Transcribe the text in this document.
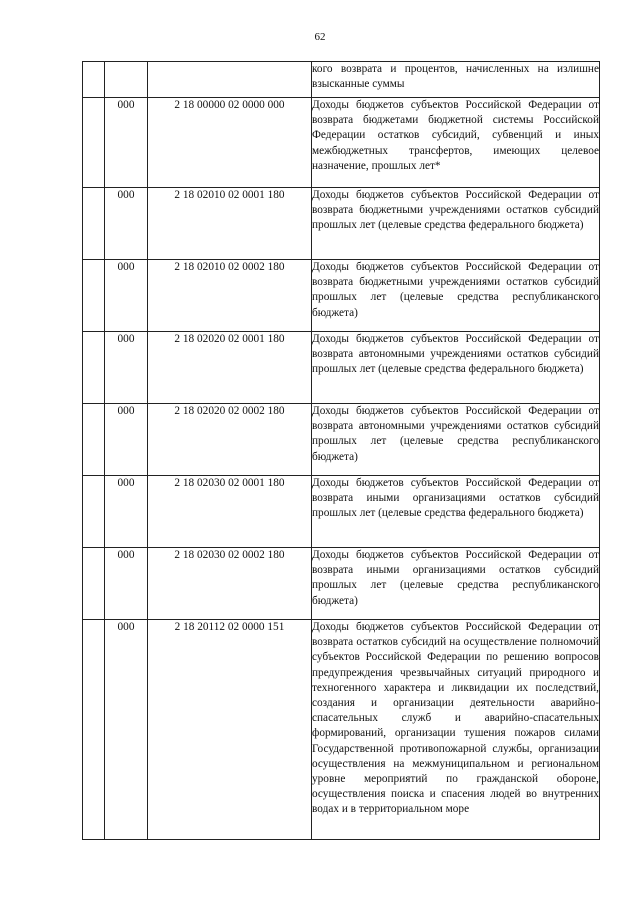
62
			кого возврата и процентов, начисленных на излишне взысканные суммы
	000	2 18 00000 02 0000 000	Доходы бюджетов субъектов Российской Федерации от возврата бюджетами бюджетной системы Российской Федерации остатков субсидий, субвенций и иных межбюджетных трансфертов, имеющих целевое назначение, прошлых лет*
	000	2 18 02010 02 0001 180	Доходы бюджетов субъектов Российской Федерации от возврата бюджетными учреждениями остатков субсидий прошлых лет (целевые средства федерального бюджета)
	000	2 18 02010 02 0002 180	Доходы бюджетов субъектов Российской Федерации от возврата бюджетными учреждениями остатков субсидий прошлых лет (целевые средства республиканского бюджета)
	000	2 18 02020 02 0001 180	Доходы бюджетов субъектов Российской Федерации от возврата автономными учреждениями остатков субсидий прошлых лет (целевые средства федерального бюджета)
	000	2 18 02020 02 0002 180	Доходы бюджетов субъектов Российской Федерации от возврата автономными учреждениями остатков субсидий прошлых лет (целевые средства республиканского бюджета)
	000	2 18 02030 02 0001 180	Доходы бюджетов субъектов Российской Федерации от возврата иными организациями остатков субсидий прошлых лет (целевые средства федерального бюджета)
	000	2 18 02030 02 0002 180	Доходы бюджетов субъектов Российской Федерации от возврата иными организациями остатков субсидий прошлых лет (целевые средства республиканского бюджета)
	000	2 18 20112 02 0000 151	Доходы бюджетов субъектов Российской Федерации от возврата остатков субсидий на осуществление полномочий субъектов Российской Федерации по решению вопросов предупреждения чрезвычайных ситуаций природного и техногенного характера и ликвидации их последствий, создания и организации деятельности аварийно-спасательных служб и аварийно-спасательных формирований, организации тушения пожаров силами Государственной противопожарной службы, организации осуществления на межмуниципальном и региональном уровне мероприятий по гражданской обороне, осуществления поиска и спасения людей во внутренних водах и в территориальном море
